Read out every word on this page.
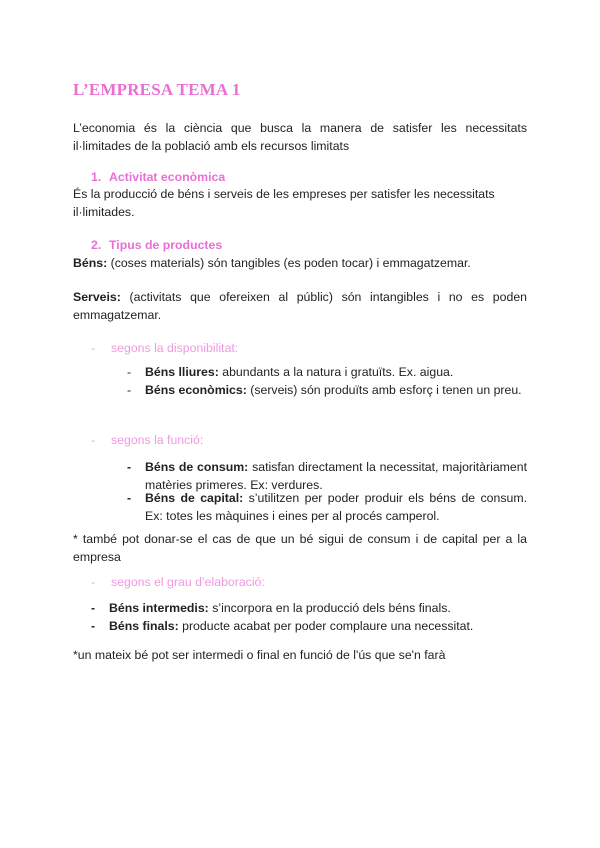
L’EMPRESA TEMA 1

L’economia és la ciència que busca la manera de satisfer les necessitats il·limitades de la població amb els recursos limitats

1. Activitat econòmica

És la producció de béns i serveis de les empreses per satisfer les necessitats il·limitades.

2. Tipus de productes

Béns: (coses materials) són tangibles (es poden tocar) i emmagatzemar.

Serveis: (activitats que ofereixen al públic) són intangibles i no es poden emmagatzemar.

- segons la disponibilitat:

- Béns lliures: abundants a la natura i gratuïts. Ex. aigua.

- Béns econòmics: (serveis) són produïts amb esforç i tenen un preu.

- segons la funció:

- Béns de consum: satisfan directament la necessitat, majoritàriament matèries primeres. Ex: verdures.

- Béns de capital: s’utilitzen per poder produir els béns de consum. Ex: totes les màquines i eines per al procés camperol.

* també pot donar-se el cas de que un bé sigui de consum i de capital per a la empresa

- segons el grau d’elaboració:

- Béns intermedis: s’incorpora en la producció dels béns finals.

- Béns finals: producte acabat per poder complaure una necessitat.

*un mateix bé pot ser intermedi o final en funció de l'ús que se'n farà
